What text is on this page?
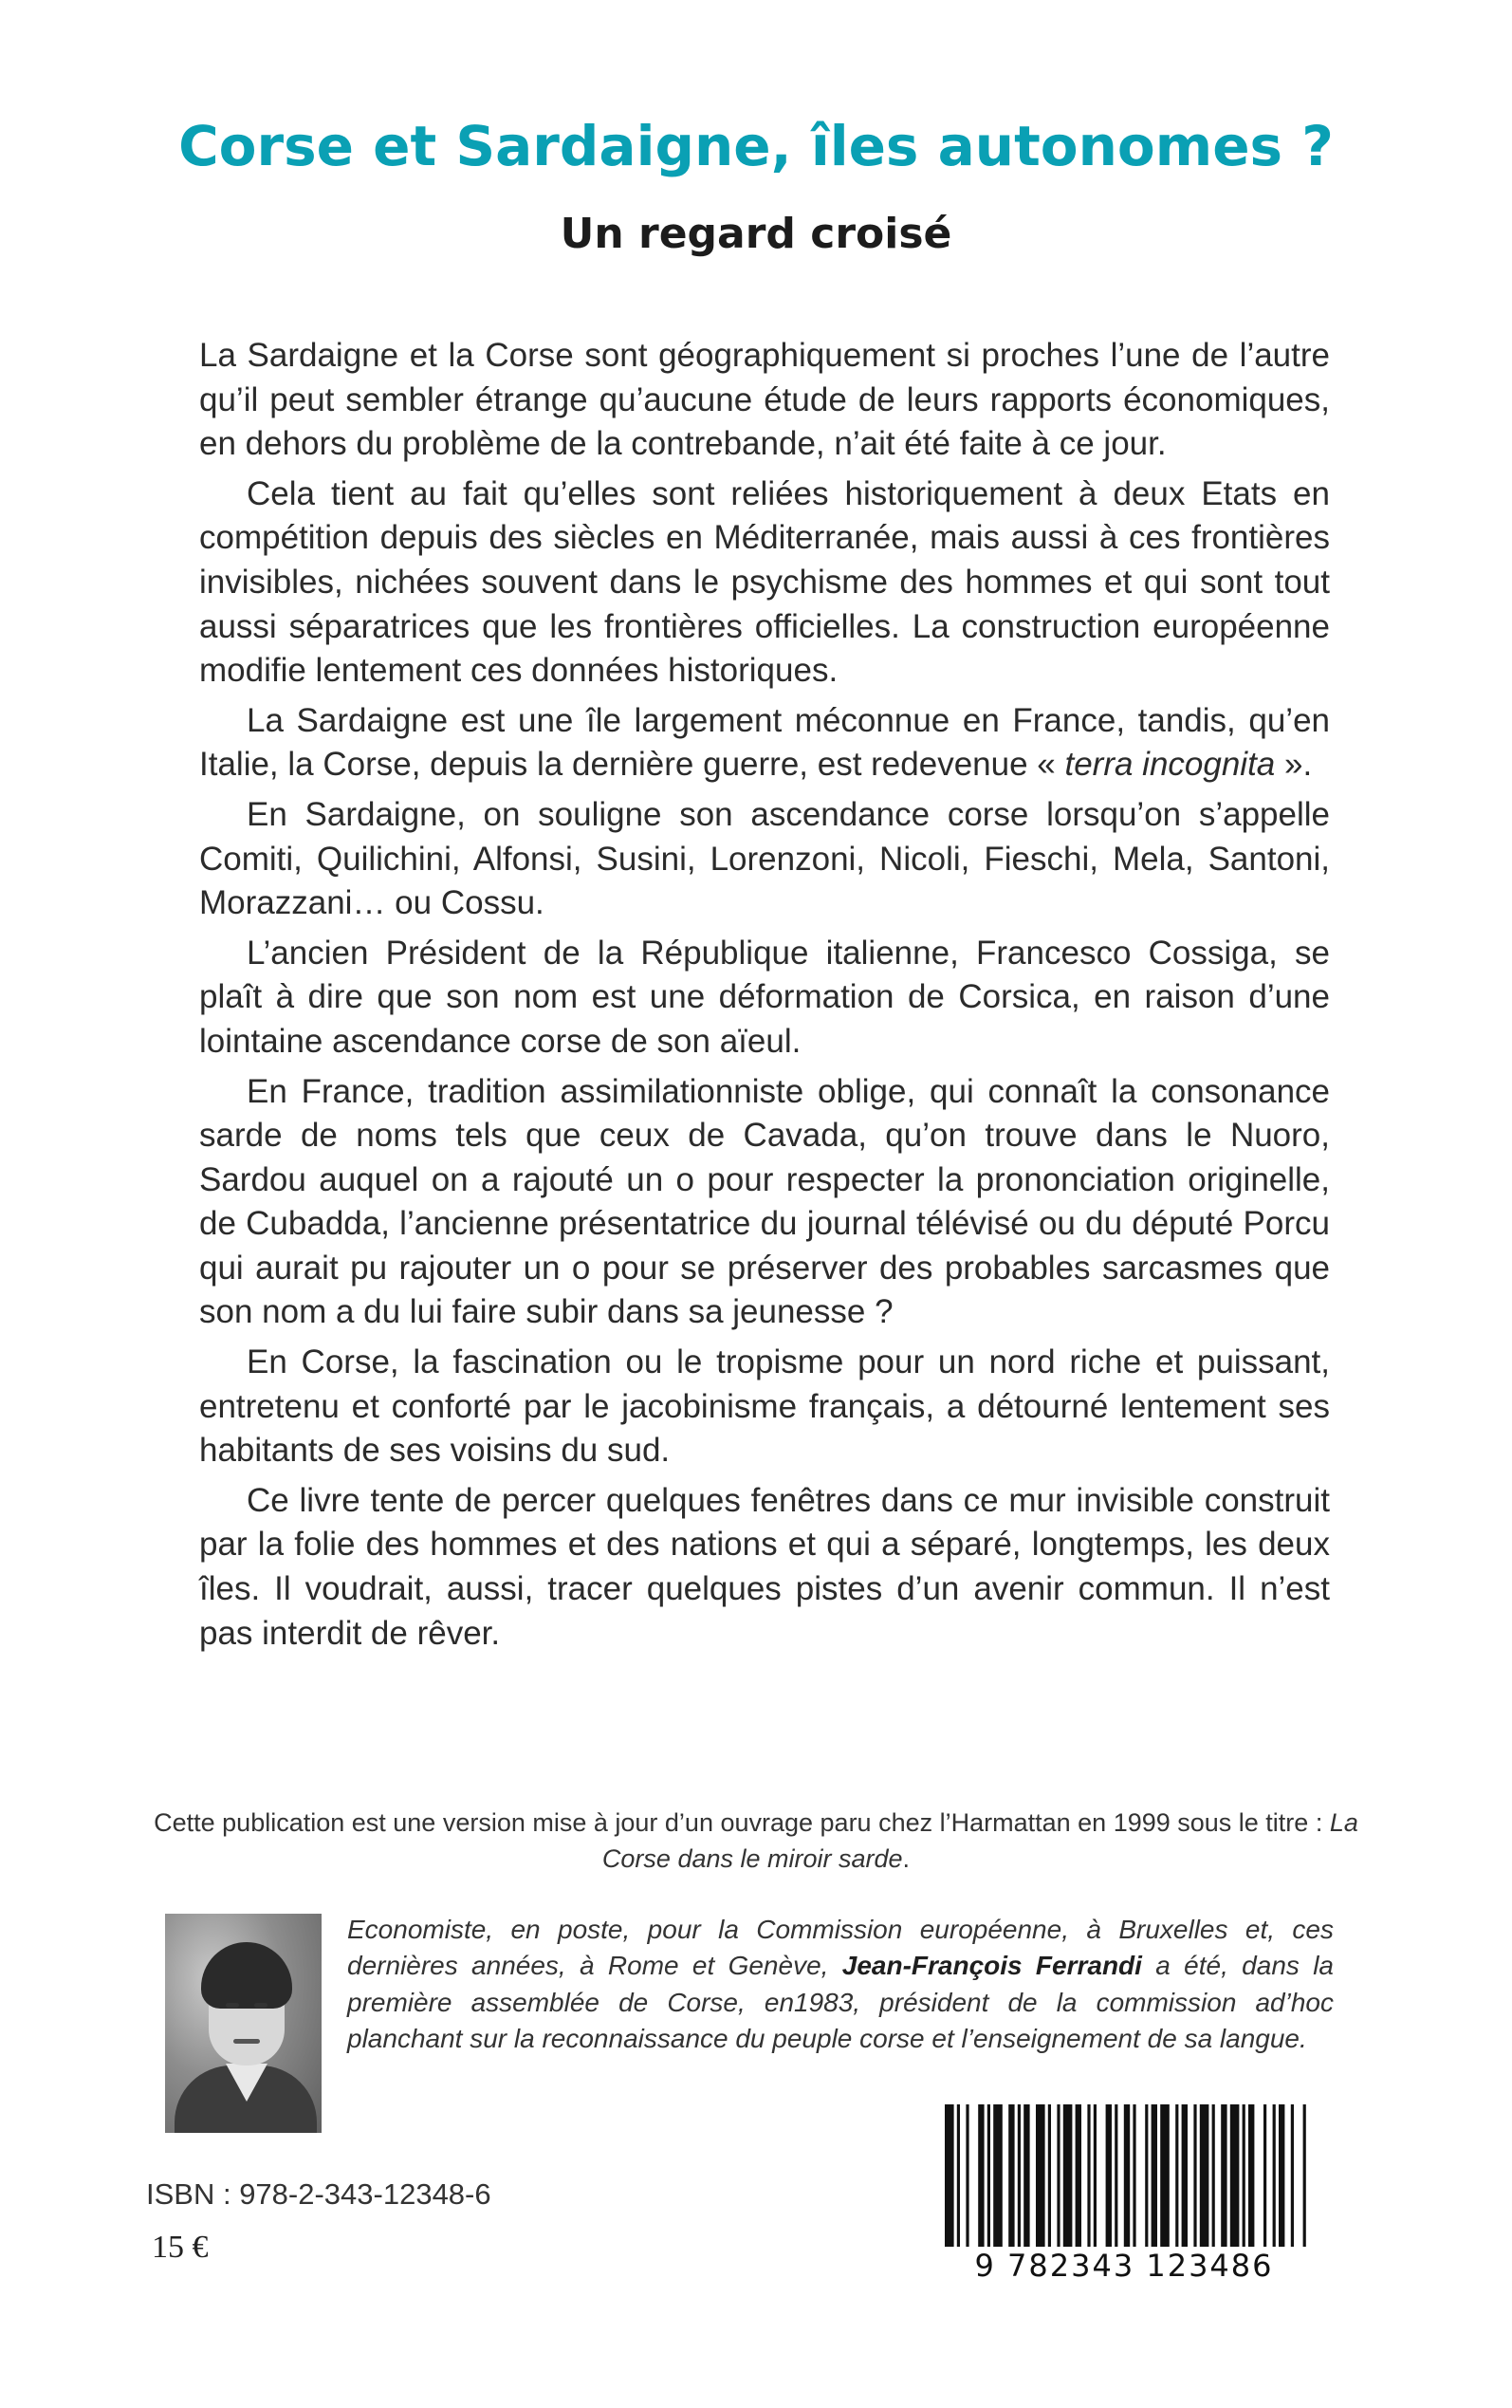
Corse et Sardaigne, îles autonomes ?
Un regard croisé

La Sardaigne et la Corse sont géographiquement si proches l’une de l’autre qu’il peut sembler étrange qu’aucune étude de leurs rapports économiques, en dehors du problème de la contrebande, n’ait été faite à ce jour.

Cela tient au fait qu’elles sont reliées historiquement à deux Etats en compétition depuis des siècles en Méditerranée, mais aussi à ces frontières invisibles, nichées souvent dans le psychisme des hommes et qui sont tout aussi séparatrices que les frontières officielles. La construction européenne modifie lentement ces données historiques.

La Sardaigne est une île largement méconnue en France, tandis, qu’en Italie, la Corse, depuis la dernière guerre, est redevenue « terra incognita ».

En Sardaigne, on souligne son ascendance corse lorsqu’on s’appelle Comiti, Quilichini, Alfonsi, Susini, Lorenzoni, Nicoli, Fieschi, Mela, Santoni, Morazzani… ou Cossu.

L’ancien Président de la République italienne, Francesco Cossiga, se plaît à dire que son nom est une déformation de Corsica, en raison d’une lointaine ascendance corse de son aïeul.

En France, tradition assimilationniste oblige, qui connaît la consonance sarde de noms tels que ceux de Cavada, qu’on trouve dans le Nuoro, Sardou auquel on a rajouté un o pour respecter la prononciation originelle, de Cubadda, l’ancienne présentatrice du journal télévisé ou du député Porcu qui aurait pu rajouter un o pour se préserver des probables sarcasmes que son nom a du lui faire subir dans sa jeunesse ?

En Corse, la fascination ou le tropisme pour un nord riche et puissant, entretenu et conforté par le jacobinisme français, a détourné lentement ses habitants de ses voisins du sud.

Ce livre tente de percer quelques fenêtres dans ce mur invisible construit par la folie des hommes et des nations et qui a séparé, longtemps, les deux îles. Il voudrait, aussi, tracer quelques pistes d’un avenir commun. Il n’est pas interdit de rêver.

Cette publication est une version mise à jour d’un ouvrage paru chez l’Harmattan en 1999 sous le titre : La Corse dans le miroir sarde.
Economiste, en poste, pour la Commission européenne, à Bruxelles et, ces dernières années, à Rome et Genève, Jean-François Ferrandi a été, dans la première assemblée de Corse, en1983, président de la commission ad’hoc planchant sur la reconnaissance du peuple corse et l’enseignement de sa langue.
ISBN : 978-2-343-12348-6
15 €
9 782343 123486
